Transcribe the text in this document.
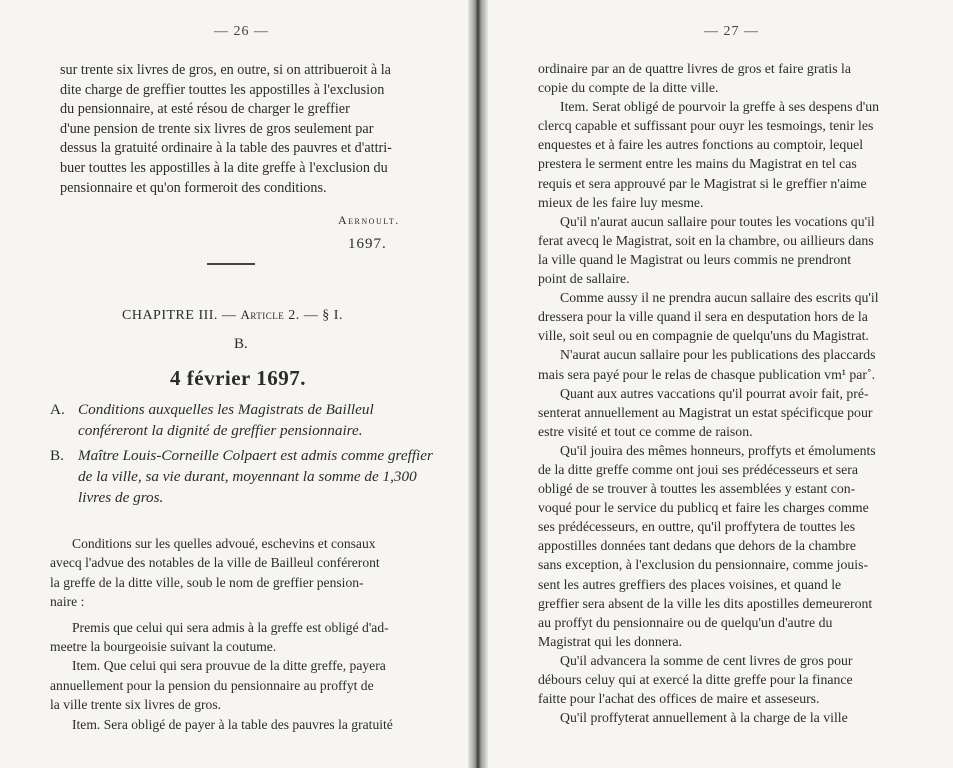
— 26 —

sur trente six livres de gros, en outre, si on attribueroit à la

dite charge de greffier touttes les appostilles à l'exclusion

du pensionnaire, at esté résou de charger le greffier

d'une pension de trente six livres de gros seulement par

dessus la gratuité ordinaire à la table des pauvres et d'attri-

buer touttes les appostilles à la dite greffe à l'exclusion du

pensionnaire et qu'on formeroit des conditions.

Aernoult.
1697.
CHAPITRE III. — Article 2. — § I.
B.
4 février 1697.
A. Conditions auxquelles les Magistrats de Bailleul conféreront la dignité de greffier pensionnaire.
B. Maître Louis-Corneille Colpaert est admis comme greffier de la ville, sa vie durant, moyennant la somme de 1,300 livres de gros.

Conditions sur les quelles advoué, eschevins et consaux

avecq l'advue des notables de la ville de Bailleul conféreront

la greffe de la ditte ville, soub le nom de greffier pension-

naire :

Premis que celui qui sera admis à la greffe est obligé d'ad-

meetre la bourgeoisie suivant la coutume.

Item. Que celui qui sera prouvue de la ditte greffe, payera

annuellement pour la pension du pensionnaire au proffyt de

la ville trente six livres de gros.

Item. Sera obligé de payer à la table des pauvres la gratuité

— 27 —

ordinaire par an de quattre livres de gros et faire gratis la

copie du compte de la ditte ville.

Item. Serat obligé de pourvoir la greffe à ses despens d'un

clercq capable et suffissant pour ouyr les tesmoings, tenir les

enquestes et à faire les autres fonctions au comptoir, lequel

prestera le serment entre les mains du Magistrat en tel cas

requis et sera approuvé par le Magistrat si le greffier n'aime

mieux de les faire luy mesme.

Qu'il n'aurat aucun sallaire pour toutes les vocations qu'il

ferat avecq le Magistrat, soit en la chambre, ou aillieurs dans

la ville quand le Magistrat ou leurs commis ne prendront

point de sallaire.

Comme aussy il ne prendra aucun sallaire des escrits qu'il

dressera pour la ville quand il sera en desputation hors de la

ville, soit seul ou en compagnie de quelqu'uns du Magistrat.

N'aurat aucun sallaire pour les publications des placcards

mais sera payé pour le relas de chasque publication vm¹ par˚.

Quant aux autres vaccations qu'il pourrat avoir fait, pré-

senterat annuellement au Magistrat un estat spécificque pour

estre visité et tout ce comme de raison.

Qu'il jouira des mêmes honneurs, proffyts et émoluments

de la ditte greffe comme ont joui ses prédécesseurs et sera

obligé de se trouver à touttes les assemblées y estant con-

voqué pour le service du publicq et faire les charges comme

ses prédécesseurs, en outtre, qu'il proffytera de touttes les

appostilles données tant dedans que dehors de la chambre

sans exception, à l'exclusion du pensionnaire, comme jouis-

sent les autres greffiers des places voisines, et quand le

greffier sera absent de la ville les dits apostilles demeureront

au proffyt du pensionnaire ou de quelqu'un d'autre du

Magistrat qui les donnera.

Qu'il advancera la somme de cent livres de gros pour

débours celuy qui at exercé la ditte greffe pour la finance

faitte pour l'achat des offices de maire et asseseurs.

Qu'il proffyterat annuellement à la charge de la ville
